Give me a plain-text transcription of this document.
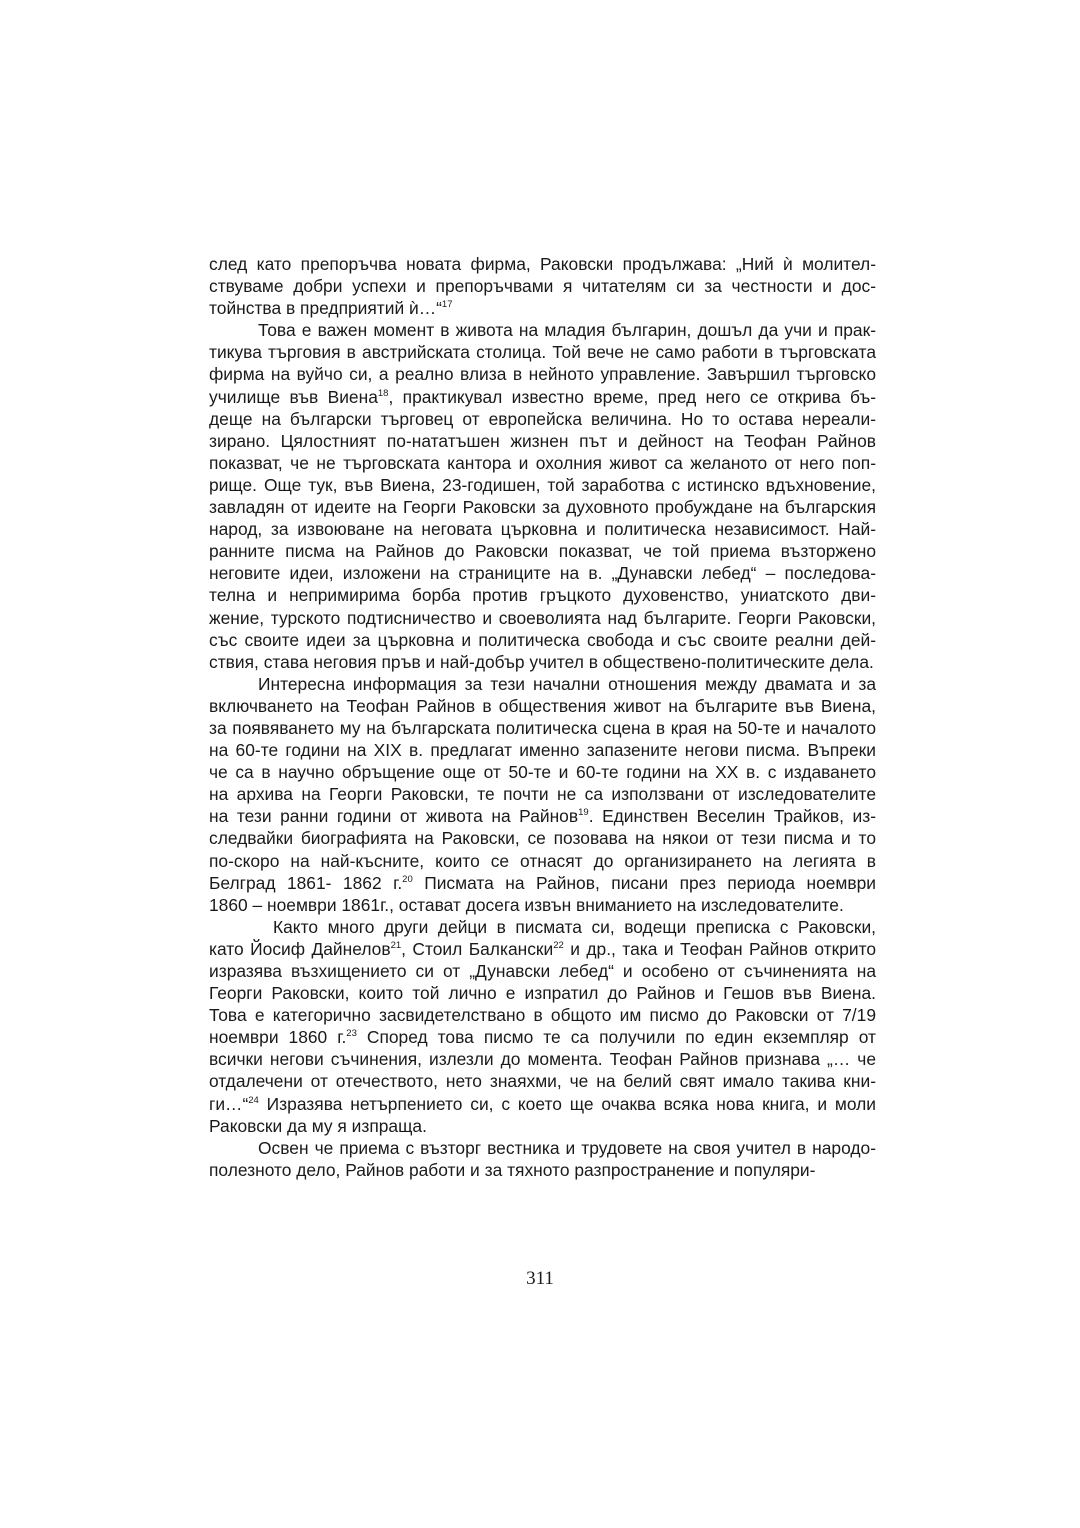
след като препоръчва новата фирма, Раковски продължава: „Ний ѝ молител-
ствуваме добри успехи и препоръчвами я читателям си за честности и дос-
тойнства в предприятий ѝ…“$^{17}$

Това е важен момент в живота на младия българин, дошъл да учи и прак-
тикува търговия в австрийската столица. Той вече не само работи в търговската
фирма на вуйчо си, а реално влиза в нейното управление. Завършил търговско
училище във Виена$^{18}$, практикувал известно време, пред него се открива бъ-
деще на български търговец от европейска величина. Но то остава нереали-
зирано. Цялостният по-нататъшен жизнен път и дейност на Теофан Райнов
показват, че не търговската кантора и охолния живот са желаното от него поп-
рище. Още тук, във Виена, 23-годишен, той заработва с истинско вдъхновение,
завладян от идеите на Георги Раковски за духовното пробуждане на българския
народ, за извоюване на неговата църковна и политическа независимост. Най-
ранните писма на Райнов до Раковски показват, че той приема възторжено
неговите идеи, изложени на страниците на в. „Дунавски лебед“ – последова-
телна и непримирима борба против гръцкото духовенство, униатското дви-
жение, турското подтисничество и своеволията над българите. Георги Раковски,
със своите идеи за църковна и политическа свобода и със своите реални дей-
ствия, става неговия пръв и най-добър учител в обществено-политическите дела.

Интересна информация за тези начални отношения между двамата и за
включването на Теофан Райнов в обществения живот на българите във Виена,
за появяването му на българската политическа сцена в края на 50-те и началото
на 60-те години на XIX в. предлагат именно запазените негови писма. Въпреки
че са в научно обръщение още от 50-те и 60-те години на XX в. с издаването
на архива на Георги Раковски, те почти не са използвани от изследователите
на тези ранни години от живота на Райнов$^{19}$. Единствен Веселин Трайков, из-
следвайки биографията на Раковски, се позовава на някои от тези писма и то
по-скоро на най-късните, които се отнасят до организирането на легията в
Белград 1861- 1862 г.$^{20}$ Писмата на Райнов, писани през периода ноември
1860 – ноември 1861г., остават досега извън вниманието на изследователите.

Както много други дейци в писмата си, водещи преписка с Раковски,
като Йосиф Дайнелов$^{21}$, Стоил Балкански$^{22}$ и др., така и Теофан Райнов открито
изразява възхищението си от „Дунавски лебед“ и особено от съчиненията на
Георги Раковски, които той лично е изпратил до Райнов и Гешов във Виена.
Това е категорично засвидетелствано в общото им писмо до Раковски от 7/19
ноември 1860 г.$^{23}$ Според това писмо те са получили по един екземпляр от
всички негови съчинения, излезли до момента. Теофан Райнов признава „… че
отдалечени от отечеството, нето знаяхми, че на белий свят имало такива кни-
ги…“$^{24}$ Изразява нетърпението си, с което ще очаква всяка нова книга, и моли
Раковски да му я изпраща.

Освен че приема с възторг вестника и трудовете на своя учител в народо-
полезното дело, Райнов работи и за тяхното разпространение и популяри-

311
